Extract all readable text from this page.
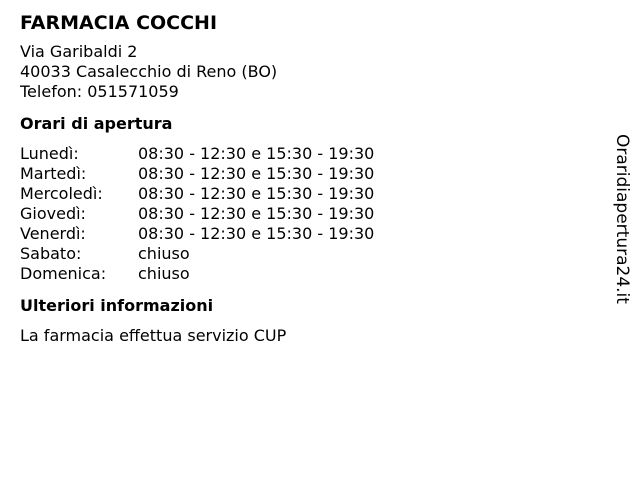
FARMACIA COCCHI
Via Garibaldi 2
40033 Casalecchio di Reno (BO)
Telefon: 051571059
Orari di apertura
Lunedì:	08:30 - 12:30 e 15:30 - 19:30
Martedì:	08:30 - 12:30 e 15:30 - 19:30
Mercoledì:	08:30 - 12:30 e 15:30 - 19:30
Giovedì:	08:30 - 12:30 e 15:30 - 19:30
Venerdì:	08:30 - 12:30 e 15:30 - 19:30
Sabato:	chiuso
Domenica:	chiuso
Ulteriori informazioni
La farmacia effettua servizio CUP
Oraridiapertura24.it
